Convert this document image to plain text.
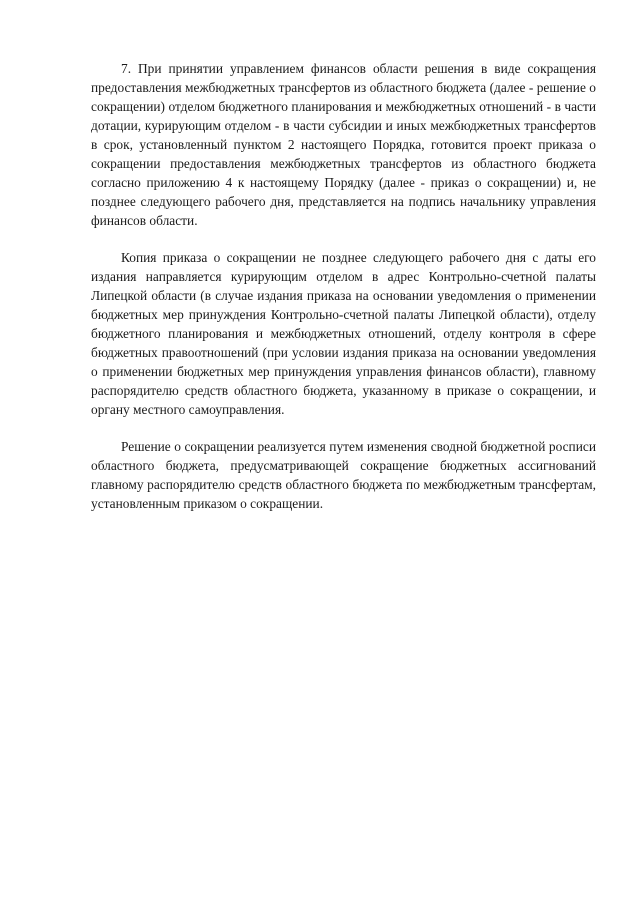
7. При принятии управлением финансов области решения в виде сокращения предоставления межбюджетных трансфертов из областного бюджета (далее - решение о сокращении) отделом бюджетного планирования и межбюджетных отношений - в части дотации, курирующим отделом - в части субсидии и иных межбюджетных трансфертов в срок, установленный пунктом 2 настоящего Порядка, готовится проект приказа о сокращении предоставления межбюджетных трансфертов из областного бюджета согласно приложению 4 к настоящему Порядку (далее - приказ о сокращении) и, не позднее следующего рабочего дня, представляется на подпись начальнику управления финансов области.

Копия приказа о сокращении не позднее следующего рабочего дня с даты его издания направляется курирующим отделом в адрес Контрольно-счетной палаты Липецкой области (в случае издания приказа на основании уведомления о применении бюджетных мер принуждения Контрольно-счетной палаты Липецкой области), отделу бюджетного планирования и межбюджетных отношений, отделу контроля в сфере бюджетных правоотношений (при условии издания приказа на основании уведомления о применении бюджетных мер принуждения управления финансов области), главному распорядителю средств областного бюджета, указанному в приказе о сокращении, и органу местного самоуправления.

Решение о сокращении реализуется путем изменения сводной бюджетной росписи областного бюджета, предусматривающей сокращение бюджетных ассигнований главному распорядителю средств областного бюджета по межбюджетным трансфертам, установленным приказом о сокращении.
